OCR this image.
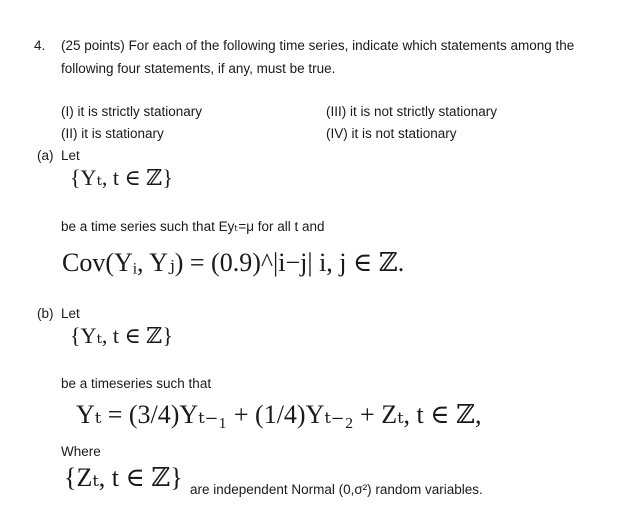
4. (25 points) For each of the following time series, indicate which statements among the
following four statements, if any, must be true.
(I) it is strictly stationary
(II) it is stationary
(III) it is not strictly stationary
(IV) it is not stationary
(a) Let
{Yₜ, t ∈ ℤ}
be a time series such that Eyₜ=μ for all t and
Cov(Yᵢ, Yⱼ) = (0.9)^|i−j| i, j ∈ ℤ.
(b) Let
{Yₜ, t ∈ ℤ}
be a timeseries such that
Yₜ = (3/4)Yₜ₋₁ + (1/4)Yₜ₋₂ + Zₜ, t ∈ ℤ,
Where
{Zₜ, t ∈ ℤ} are independent Normal (0,σ²) random variables.
